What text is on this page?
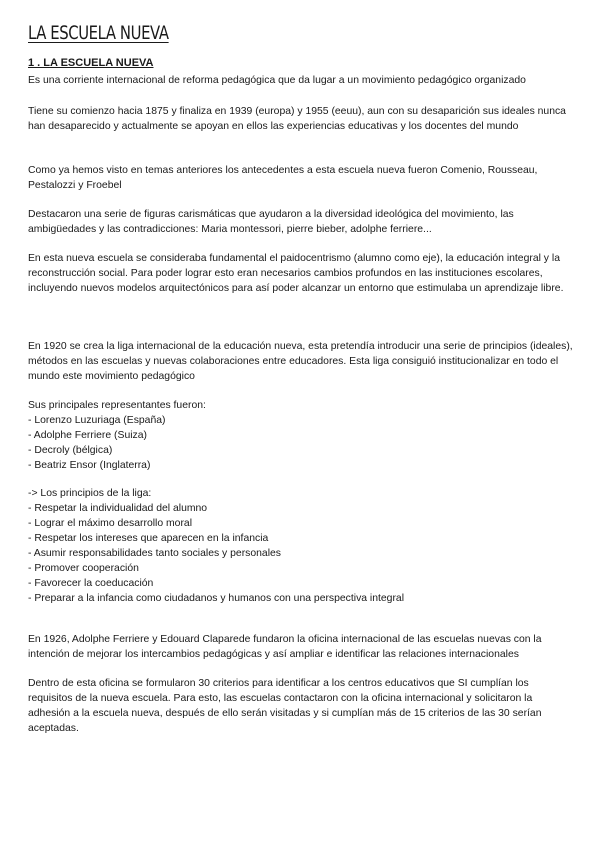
LA ESCUELA NUEVA
1 . LA ESCUELA NUEVA

Es una corriente internacional de reforma pedagógica que da lugar a un movimiento pedagógico organizado

Tiene su comienzo hacia 1875 y finaliza en 1939 (europa) y 1955 (eeuu), aun con su desaparición sus ideales nunca han desaparecido y actualmente se apoyan en ellos las experiencias educativas y los docentes del mundo

Como ya hemos visto en temas anteriores los antecedentes a esta escuela nueva fueron Comenio, Rousseau, Pestalozzi y Froebel

Destacaron una serie de figuras carismáticas que ayudaron a la diversidad ideológica del movimiento, las ambigüedades y las contradicciones: Maria montessori, pierre bieber, adolphe ferriere...

En esta nueva escuela se consideraba fundamental el paidocentrismo (alumno como eje), la educación integral y la reconstrucción social. Para poder lograr esto eran necesarios cambios profundos en las instituciones escolares, incluyendo nuevos modelos arquitectónicos para así poder alcanzar un entorno que estimulaba un aprendizaje libre.

En 1920 se crea la liga internacional de la educación nueva, esta pretendía introducir una serie de principios (ideales), métodos en las escuelas y nuevas colaboraciones entre educadores. Esta liga consiguió institucionalizar en todo el mundo este movimiento pedagógico

Sus principales representantes fueron:

- Lorenzo Luzuriaga (España)
- Adolphe Ferriere (Suiza)
- Decroly (bélgica)
- Beatriz Ensor (Inglaterra)

-> Los principios de la liga:

- Respetar la individualidad del alumno
- Lograr el máximo desarrollo moral
- Respetar los intereses que aparecen en la infancia
- Asumir responsabilidades tanto sociales y personales
- Promover cooperación
- Favorecer la coeducación
- Preparar a la infancia como ciudadanos y humanos con una perspectiva integral

En 1926, Adolphe Ferriere y Edouard Claparede fundaron la oficina internacional de las escuelas nuevas con la intención de mejorar los intercambios pedagógicas y así ampliar e identificar las relaciones internacionales

Dentro de esta oficina se formularon 30 criterios para identificar a los centros educativos que SI cumplían los requisitos de la nueva escuela. Para esto, las escuelas contactaron con la oficina internacional y solicitaron la adhesión a la escuela nueva, después de ello serán visitadas y si cumplían más de 15 criterios de las 30 serían aceptadas.
